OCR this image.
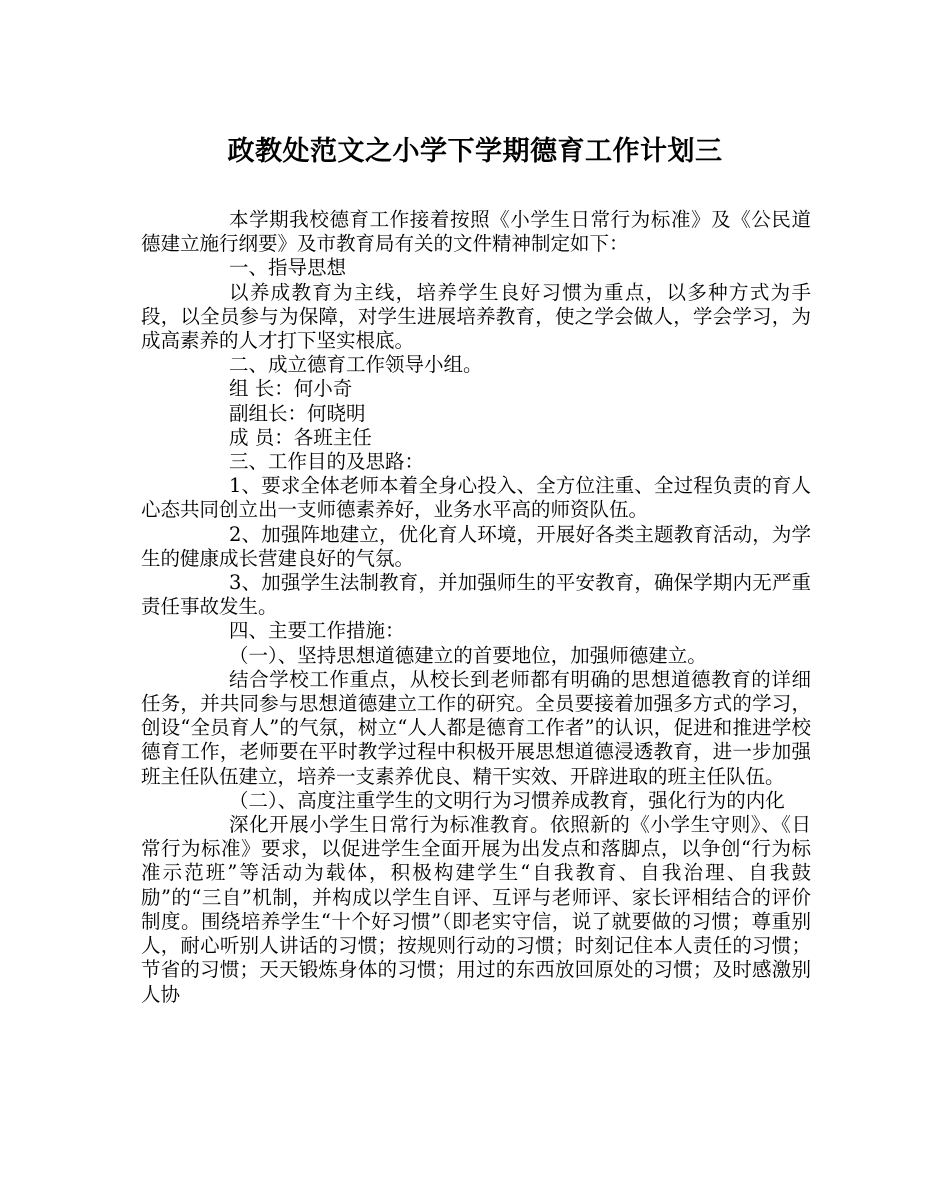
政教处范文之小学下学期德育工作计划三

本学期我校德育工作接着按照《小学生日常行为标准》及《公民道德建立施行纲要》及市教育局有关的文件精神制定如下：

一、指导思想

以养成教育为主线，培养学生良好习惯为重点，以多种方式为手段，以全员参与为保障，对学生进展培养教育，使之学会做人，学会学习，为成高素养的人才打下坚实根底。

二、成立德育工作领导小组。

组 长：何小奇

副组长：何晓明

成 员：各班主任

三、工作目的及思路：

1、要求全体老师本着全身心投入、全方位注重、全过程负责的育人心态共同创立出一支师德素养好，业务水平高的师资队伍。

2、加强阵地建立，优化育人环境，开展好各类主题教育活动，为学生的健康成长营建良好的气氛。

3、加强学生法制教育，并加强师生的平安教育，确保学期内无严重责任事故发生。

四、主要工作措施：

（一）、坚持思想道德建立的首要地位，加强师德建立。

结合学校工作重点，从校长到老师都有明确的思想道德教育的详细任务，并共同参与思想道德建立工作的研究。全员要接着加强多方式的学习，创设“全员育人”的气氛，树立“人人都是德育工作者”的认识，促进和推进学校德育工作，老师要在平时教学过程中积极开展思想道德浸透教育，进一步加强班主任队伍建立，培养一支素养优良、精干实效、开辟进取的班主任队伍。

（二）、高度注重学生的文明行为习惯养成教育，强化行为的内化

深化开展小学生日常行为标准教育。依照新的《小学生守则》、《日常行为标准》要求，以促进学生全面开展为出发点和落脚点，以争创“行为标准示范班”等活动为载体，积极构建学生“自我教育、自我治理、自我鼓励”的“三自”机制，并构成以学生自评、互评与老师评、家长评相结合的评价制度。围绕培养学生“十个好习惯”（即老实守信，说了就要做的习惯；尊重别人，耐心听别人讲话的习惯；按规则行动的习惯；时刻记住本人责任的习惯；节省的习惯；天天锻炼身体的习惯；用过的东西放回原处的习惯；及时感激别人协
